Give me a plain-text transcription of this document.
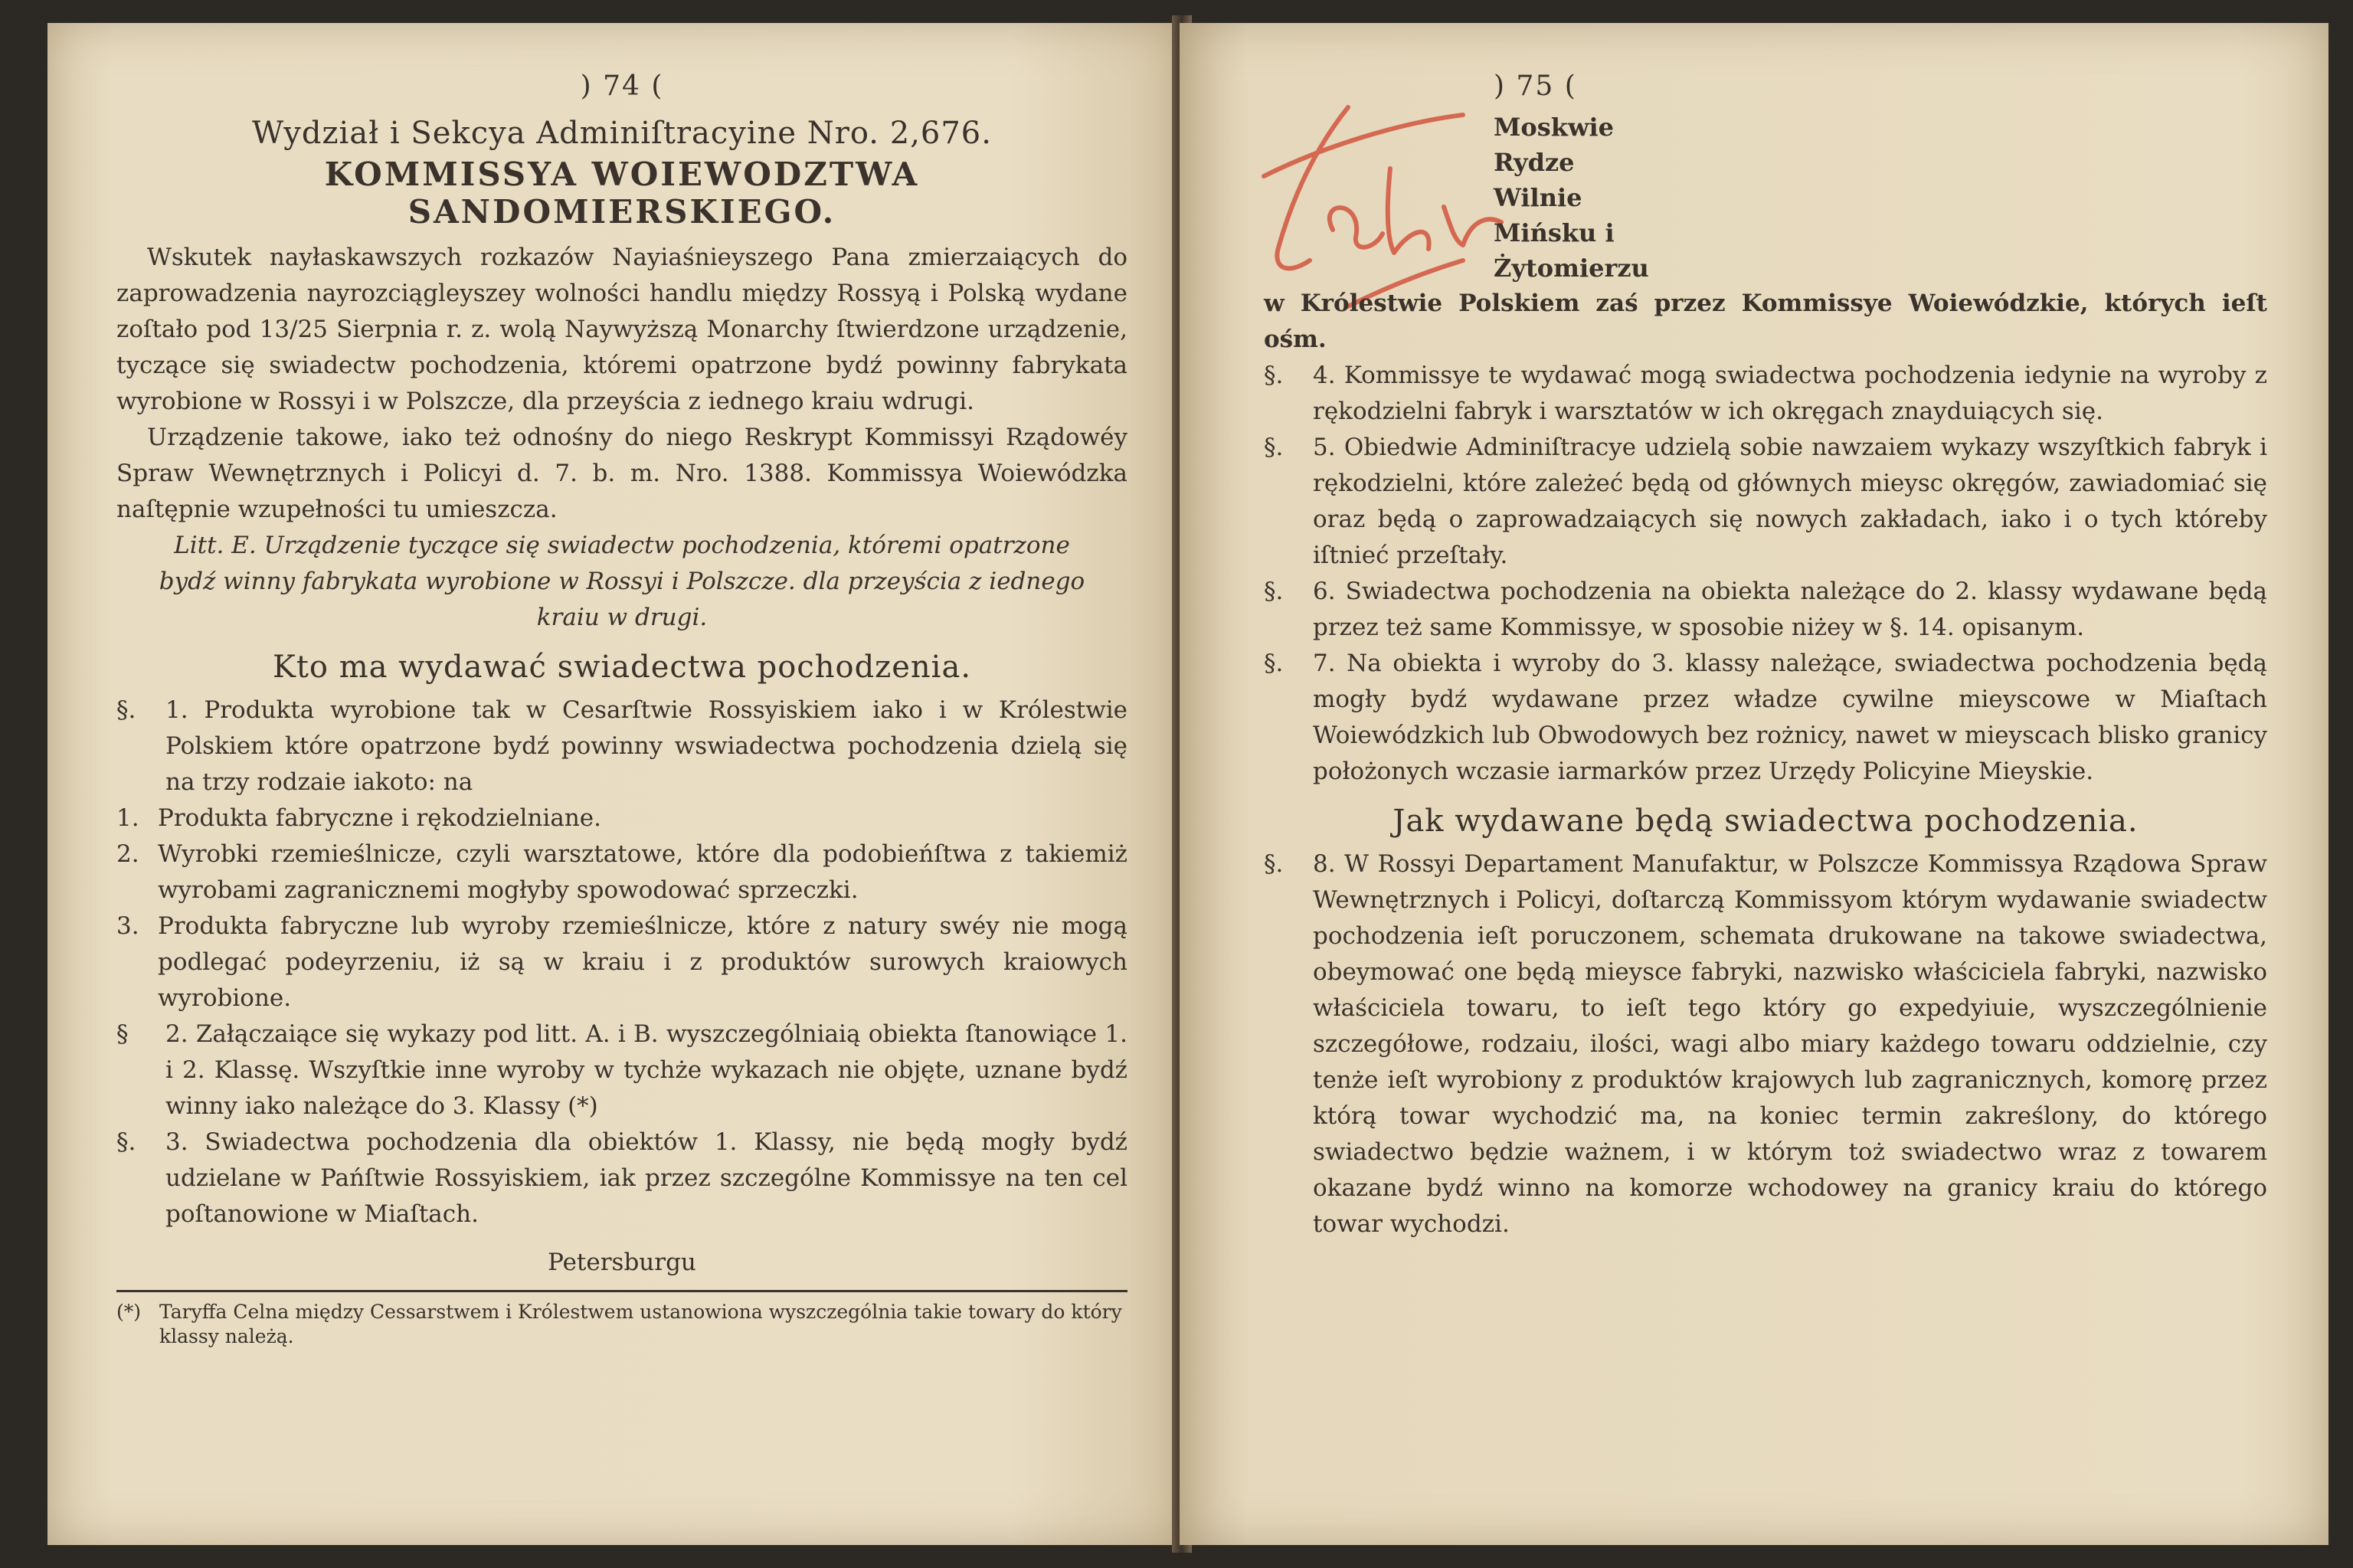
) 74 (
Wydział i Sekcya Adminiſtracyine Nro. 2,676.
KOMMISSYA WOIEWODZTWA SANDOMIERSKIEGO.

Wskutek nayłaskawszych rozkazów Nayiaśnieyszego Pana zmierzaiących do zaprowadzenia nayrozciągleyszey wolności handlu między Rossyą i Polską wydane zoſtało pod 13/25 Sierpnia r. z. wolą Naywyższą Monarchy ſtwierdzone urządzenie, tyczące się swiadectw pochodzenia, któremi opatrzone bydź powinny fabrykata wyrobione w Rossyi i w Polszcze, dla przeyścia z iednego kraiu wdrugi.

Urządzenie takowe, iako też odnośny do niego Reskrypt Kommissyi Rządowéy Spraw Wewnętrznych i Policyi d. 7. b. m. Nro. 1388. Kommissya Woiewódzka naſtępnie wzupełności tu umieszcza.

Litt. E. Urządzenie tyczące się swiadectw pochodzenia, któremi opatrzone bydź winny fabrykata wyrobione w Rossyi i Polszcze. dla przeyścia z iednego kraiu w drugi.

Kto ma wydawać swiadectwa pochodzenia.
§.	1. Produkta wyrobione tak w Cesarſtwie Rossyiskiem iako i w Królestwie Polskiem które opatrzone bydź powinny wswiadectwa pochodzenia dzielą się na trzy rodzaie iakoto: na

1. Produkta fabryczne i rękodzielniane.

2. Wyrobki rzemieślnicze, czyli warsztatowe, które dla podobieńſtwa z takiemiż wyrobami zagranicznemi mogłyby spowodować sprzeczki.

3. Produkta fabryczne lub wyroby rzemieślnicze, które z natury swéy nie mogą podlegać podeyrzeniu, iż są w kraiu i z produktów surowych kraiowych wyrobione.

§	2. Załączaiące się wykazy pod litt. A. i B. wyszczególniaią obiekta ſtanowiące 1. i 2. Klassę. Wszyſtkie inne wyroby w tychże wykazach nie objęte, uznane bydź winny iako należące do 3. Klassy (*)

§.	3. Swiadectwa pochodzenia dla obiektów 1. Klassy, nie będą mogły bydź udzielane w Pańſtwie Rossyiskiem, iak przez szczególne Kommissye na ten cel poſtanowione w Miaſtach.

Petersburgu

(*) Taryffa Celna między Cessarstwem i Królestwem ustanowiona wyszczególnia takie towary do który klassy należą.
Fabr	) 75 (
Moskwie
Rydze
Wilnie
Mińsku i
Żytomierzu

w Królestwie Polskiem zaś przez Kommissye Woiewódzkie, których ieſt ośm.

§.	4. Kommissye te wydawać mogą swiadectwa pochodzenia iedynie na wyroby z rękodzielni fabryk i warsztatów w ich okręgach znayduiących się.

§.	5. Obiedwie Adminiſtracye udzielą sobie nawzaiem wykazy wszyſtkich fabryk i rękodzielni, które zależeć będą od głównych mieysc okręgów, zawiadomiać się oraz będą o zaprowadzaiących się nowych zakładach, iako i o tych któreby iſtnieć przeſtały.

§.	6. Swiadectwa pochodzenia na obiekta należące do 2. klassy wydawane będą przez też same Kommissye, w sposobie niżey w §. 14. opisanym.

§.	7. Na obiekta i wyroby do 3. klassy należące, swiadectwa pochodzenia będą mogły bydź wydawane przez władze cywilne mieyscowe w Miaſtach Woiewódzkich lub Obwodowych bez rożnicy, nawet w mieyscach blisko granicy położonych wczasie iarmarków przez Urzędy Policyine Mieyskie.

Jak wydawane będą swiadectwa pochodzenia.
§.	8. W Rossyi Departament Manufaktur, w Polszcze Kommissya Rządowa Spraw Wewnętrznych i Policyi, doſtarczą Kommissyom którym wydawanie swiadectw pochodzenia ieſt poruczonem, schemata drukowane na takowe swiadectwa, obeymować one będą mieysce fabryki, nazwisko właściciela fabryki, nazwisko właściciela towaru, to ieſt tego który go expedyiuie, wyszczególnienie szczegółowe, rodzaiu, ilości, wagi albo miary każdego towaru oddzielnie, czy tenże ieſt wyrobiony z produktów krajowych lub zagranicznych, komorę przez którą towar wychodzić ma, na koniec termin zakreślony, do którego swiadectwo będzie ważnem, i w którym toż swiadectwo wraz z towarem okazane bydź winno na komorze wchodowey na granicy kraiu do którego towar wychodzi.
